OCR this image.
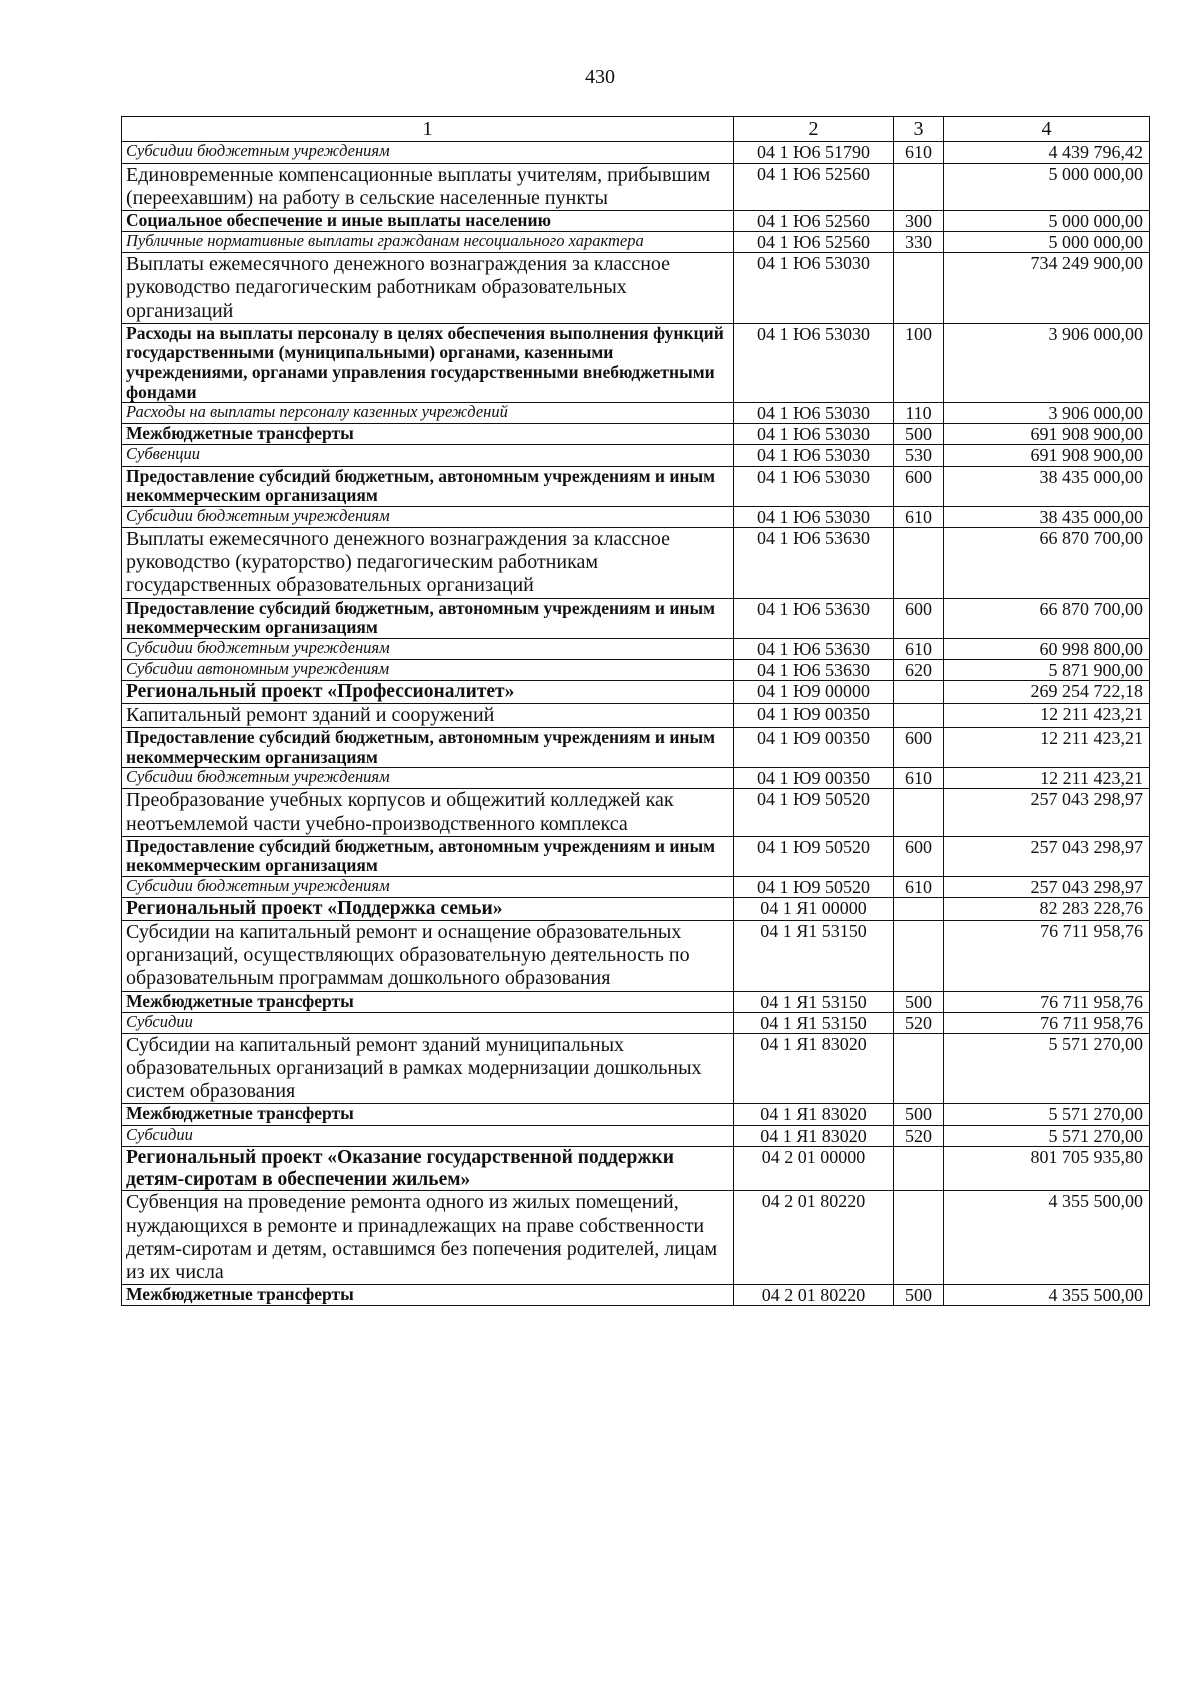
430
1	2	3	4
Субсидии бюджетным учреждениям	04 1 Ю6 51790	610	4 439 796,42
Единовременные компенсационные выплаты учителям, прибывшим (переехавшим) на работу в сельские населенные пункты	04 1 Ю6 52560		5 000 000,00
Социальное обеспечение и иные выплаты населению	04 1 Ю6 52560	300	5 000 000,00
Публичные нормативные выплаты гражданам несоциального характера	04 1 Ю6 52560	330	5 000 000,00
Выплаты ежемесячного денежного вознаграждения за классное руководство педагогическим работникам образовательных организаций	04 1 Ю6 53030		734 249 900,00
Расходы на выплаты персоналу в целях обеспечения выполнения функций государственными (муниципальными) органами, казенными учреждениями, органами управления государственными внебюджетными фондами	04 1 Ю6 53030	100	3 906 000,00
Расходы на выплаты персоналу казенных учреждений	04 1 Ю6 53030	110	3 906 000,00
Межбюджетные трансферты	04 1 Ю6 53030	500	691 908 900,00
Субвенции	04 1 Ю6 53030	530	691 908 900,00
Предоставление субсидий бюджетным, автономным учреждениям и иным некоммерческим организациям	04 1 Ю6 53030	600	38 435 000,00
Субсидии бюджетным учреждениям	04 1 Ю6 53030	610	38 435 000,00
Выплаты ежемесячного денежного вознаграждения за классное руководство (кураторство) педагогическим работникам государственных образовательных организаций	04 1 Ю6 53630		66 870 700,00
Предоставление субсидий бюджетным, автономным учреждениям и иным некоммерческим организациям	04 1 Ю6 53630	600	66 870 700,00
Субсидии бюджетным учреждениям	04 1 Ю6 53630	610	60 998 800,00
Субсидии автономным учреждениям	04 1 Ю6 53630	620	5 871 900,00
Региональный проект «Профессионалитет»	04 1 Ю9 00000		269 254 722,18
Капитальный ремонт зданий и сооружений	04 1 Ю9 00350		12 211 423,21
Предоставление субсидий бюджетным, автономным учреждениям и иным некоммерческим организациям	04 1 Ю9 00350	600	12 211 423,21
Субсидии бюджетным учреждениям	04 1 Ю9 00350	610	12 211 423,21
Преобразование учебных корпусов и общежитий колледжей как неотъемлемой части учебно-производственного комплекса	04 1 Ю9 50520		257 043 298,97
Предоставление субсидий бюджетным, автономным учреждениям и иным некоммерческим организациям	04 1 Ю9 50520	600	257 043 298,97
Субсидии бюджетным учреждениям	04 1 Ю9 50520	610	257 043 298,97
Региональный проект «Поддержка семьи»	04 1 Я1 00000		82 283 228,76
Субсидии на капитальный ремонт и оснащение образовательных организаций, осуществляющих образовательную деятельность по образовательным программам дошкольного образования	04 1 Я1 53150		76 711 958,76
Межбюджетные трансферты	04 1 Я1 53150	500	76 711 958,76
Субсидии	04 1 Я1 53150	520	76 711 958,76
Субсидии на капитальный ремонт зданий муниципальных образовательных организаций в рамках модернизации дошкольных систем образования	04 1 Я1 83020		5 571 270,00
Межбюджетные трансферты	04 1 Я1 83020	500	5 571 270,00
Субсидии	04 1 Я1 83020	520	5 571 270,00
Региональный проект «Оказание государственной поддержки детям-сиротам в обеспечении жильем»	04 2 01 00000		801 705 935,80
Субвенция на проведение ремонта одного из жилых помещений, нуждающихся в ремонте и принадлежащих на праве собственности детям-сиротам и детям, оставшимся без попечения родителей, лицам из их числа	04 2 01 80220		4 355 500,00
Межбюджетные трансферты	04 2 01 80220	500	4 355 500,00
